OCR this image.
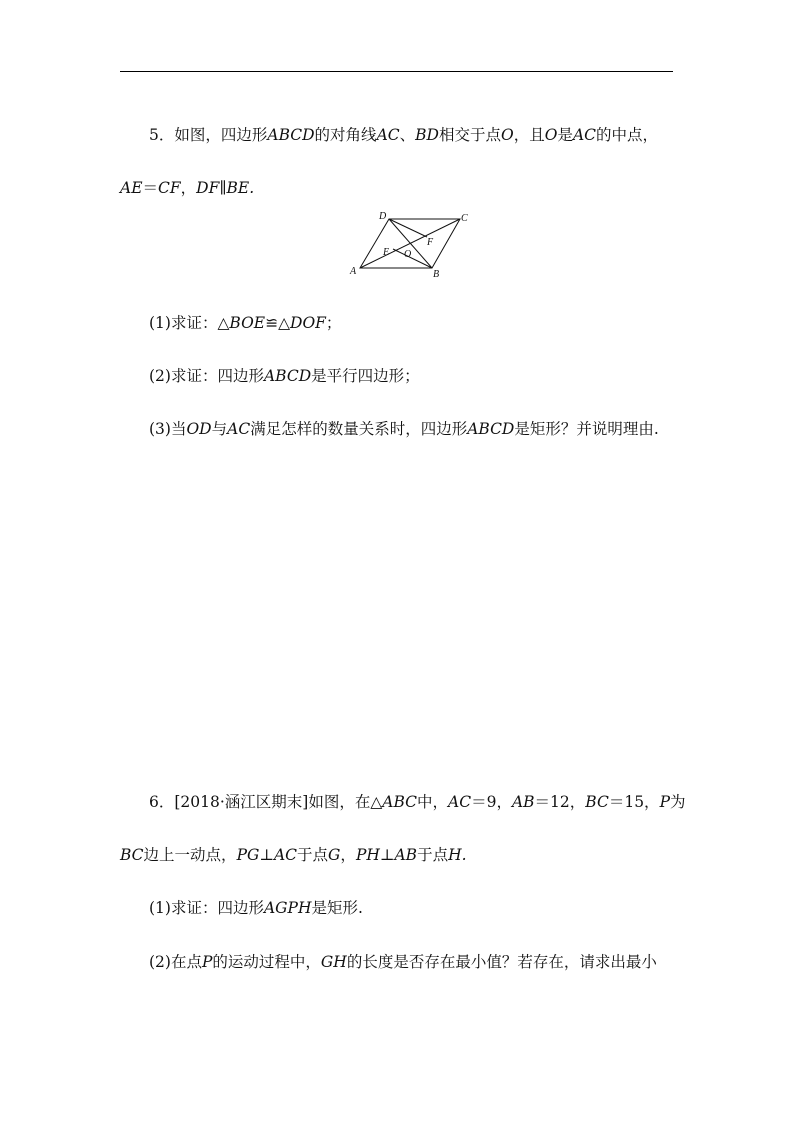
5．如图，四边形ABCD的对角线AC、BD相交于点O，且O是AC的中点，
AE＝CF，DF∥BE.
A	B
C
D
E
F
O
(1)求证：△BOE≌△DOF；
(2)求证：四边形ABCD是平行四边形；
(3)当OD与AC满足怎样的数量关系时，四边形ABCD是矩形？并说明理由.
6．[2018·涵江区期末]如图，在△ABC中，AC＝9，AB＝12，BC＝15，P为
BC边上一动点，PG⊥AC于点G，PH⊥AB于点H.
(1)求证：四边形AGPH是矩形.
(2)在点P的运动过程中，GH的长度是否存在最小值？若存在，请求出最小
